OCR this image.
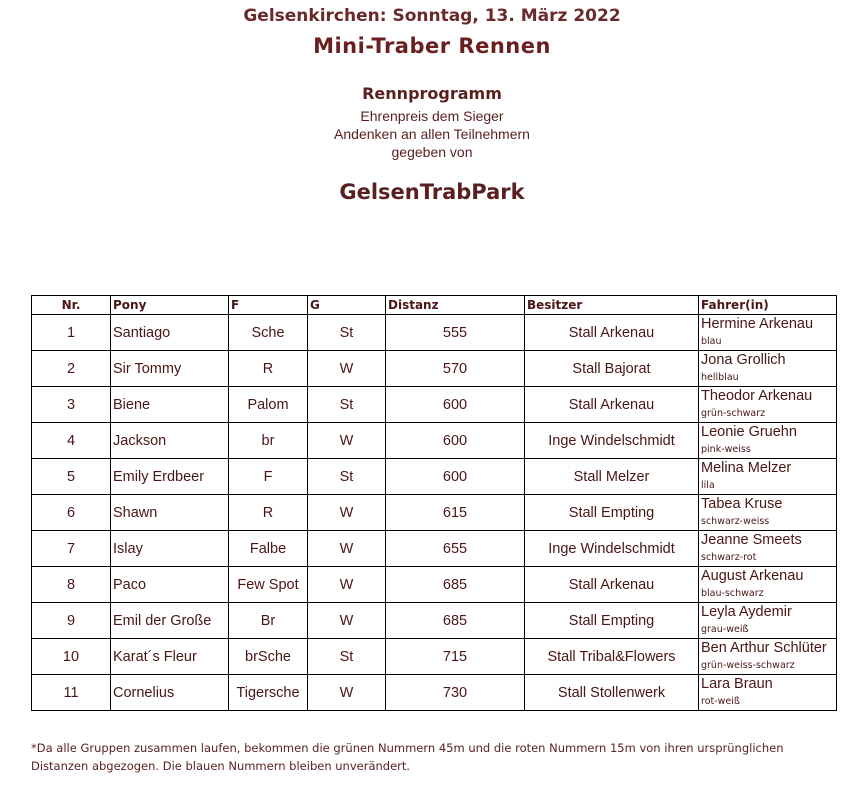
Gelsenkirchen: Sonntag, 13. März 2022
Mini-Traber Rennen
Rennprogramm
Ehrenpreis dem Sieger
Andenken an allen Teilnehmern
gegeben von
GelsenTrabPark
Nr.	Pony	F	G	Distanz	Besitzer	Fahrer(in)
1	Santiago	Sche	St	555	Stall Arkenau	Hermine Arkenau
blau

2	Sir Tommy	R	W	570	Stall Bajorat	Jona Grollich
hellblau

3	Biene	Palom	St	600	Stall Arkenau	Theodor Arkenau
grün-schwarz

4	Jackson	br	W	600	Inge Windelschmidt	Leonie Gruehn
pink-weiss

5	Emily Erdbeer	F	St	600	Stall Melzer	Melina Melzer
lila

6	Shawn	R	W	615	Stall Empting	Tabea Kruse
schwarz-weiss

7	Islay	Falbe	W	655	Inge Windelschmidt	Jeanne Smeets
schwarz-rot

8	Paco	Few Spot	W	685	Stall Arkenau	August Arkenau
blau-schwarz

9	Emil der Große	Br	W	685	Stall Empting	Leyla Aydemir
grau-weiß

10	Karat´s Fleur	brSche	St	715	Stall Tribal&Flowers	Ben Arthur Schlüter
grün-weiss-schwarz

11	Cornelius	Tigersche	W	730	Stall Stollenwerk	Lara Braun
rot-weiß
*Da alle Gruppen zusammen laufen, bekommen die grünen Nummern 45m und die roten Nummern 15m von ihren ursprünglichen Distanzen abgezogen. Die blauen Nummern bleiben unverändert.
